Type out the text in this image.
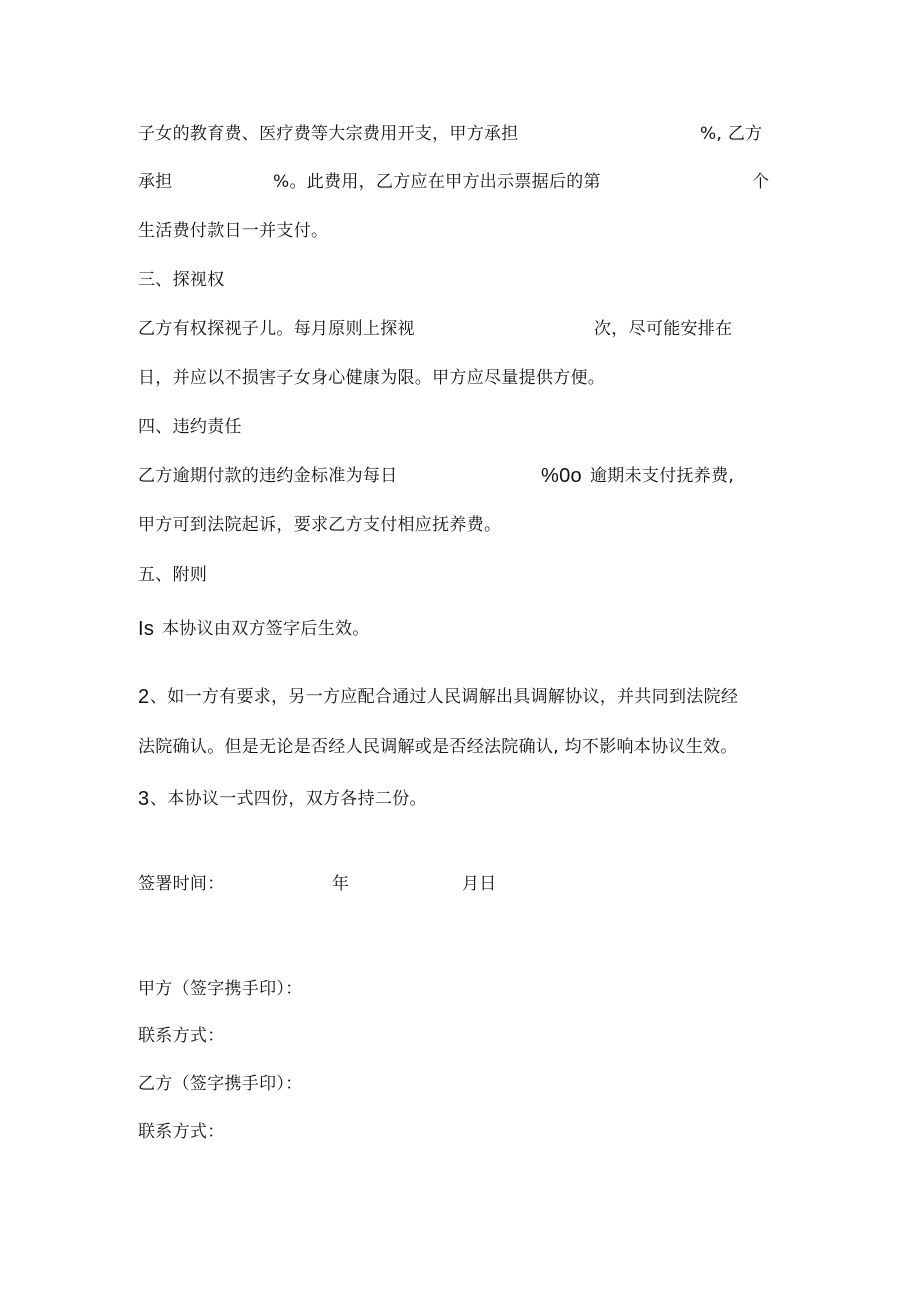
子女的教育费、医疗费等大宗费用开支，甲方承担	%, 乙方
承担	%。此费用，乙方应在甲方出示票据后的第	个
生活费付款日一并支付。
三、探视权
乙方有权探视子儿。每月原则上探视	次，尽可能安排在
日，并应以不损害子女身心健康为限。甲方应尽量提供方便。
四、违约责任
乙方逾期付款的违约金标准为每日	%0o 逾期未支付抚养费,
甲方可到法院起诉，要求乙方支付相应抚养费。
五、附则
Is 本协议由双方签字后生效。
2 、如一方有要求，另一方应配合通过人民调解出具调解协议，并共同到法院经
法院确认。但是无论是否经人民调解或是否经法院确认, 均不影响本协议生效。
3 、本协议一式四份，双方各持二份。
签署时间：	年	月日
甲方（签字携手印）：
联系方式：
乙方（签字携手印）：
联系方式：
